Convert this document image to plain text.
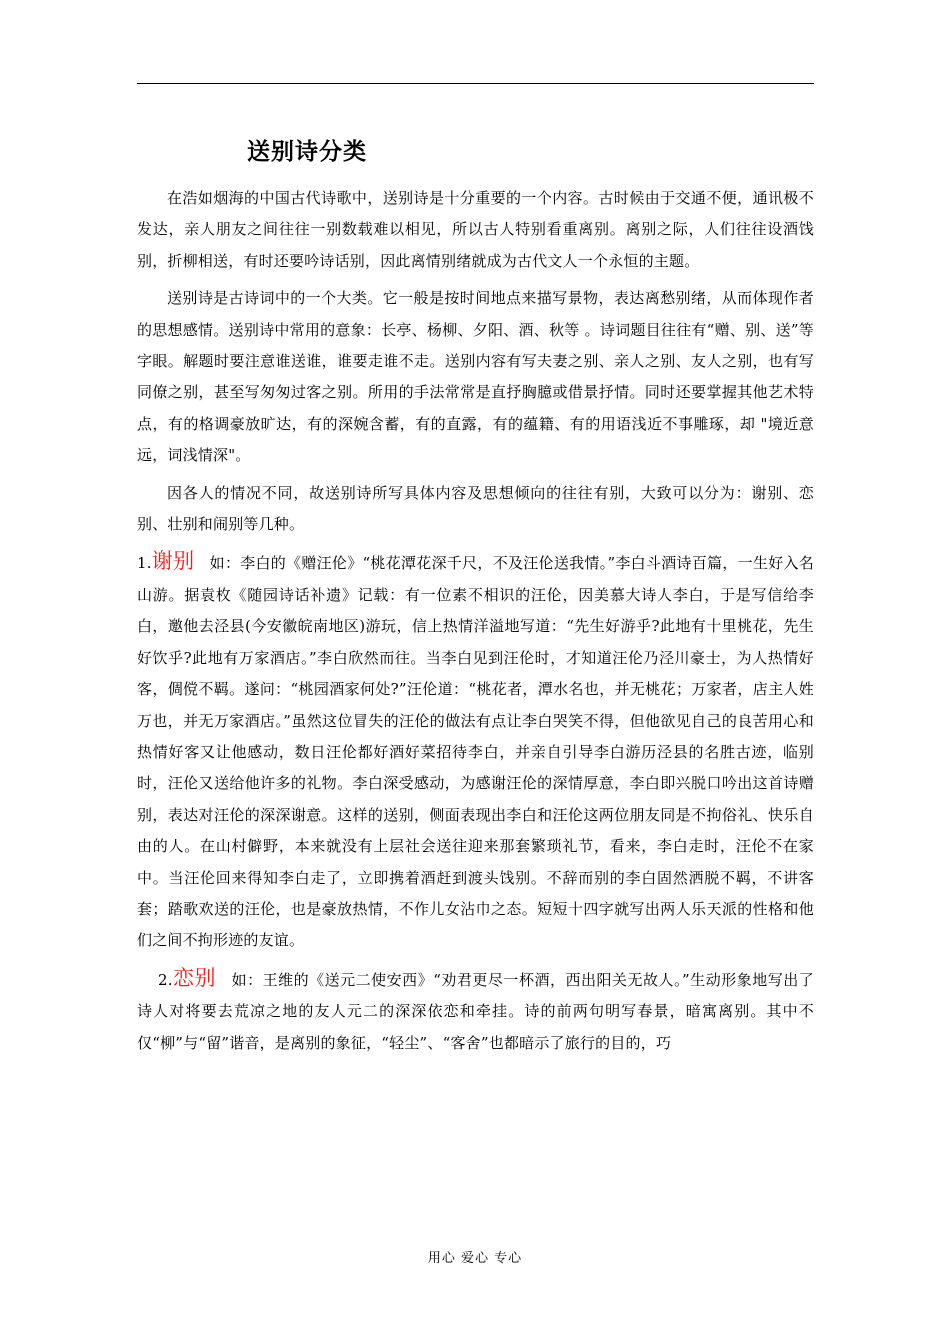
送别诗分类

在浩如烟海的中国古代诗歌中，送别诗是十分重要的一个内容。古时候由于交通不便，通讯极不发达，亲人朋友之间往往一别数载难以相见，所以古人特别看重离别。离别之际，人们往往设酒饯别，折柳相送，有时还要吟诗话别，因此离情别绪就成为古代文人一个永恒的主题。

送别诗是古诗词中的一个大类。它一般是按时间地点来描写景物，表达离愁别绪，从而体现作者的思想感情。送别诗中常用的意象：长亭、杨柳、夕阳、酒、秋等 。诗词题目往往有“赠、别、送”等字眼。解题时要注意谁送谁，谁要走谁不走。送别内容有写夫妻之别、亲人之别、友人之别，也有写同僚之别，甚至写匆匆过客之别。所用的手法常常是直抒胸臆或借景抒情。同时还要掌握其他艺术特点，有的格调豪放旷达，有的深婉含蓄，有的直露，有的蕴籍、有的用语浅近不事雕琢，却 "境近意远，词浅情深"。

因各人的情况不同，故送别诗所写具体内容及思想倾向的往往有别，大致可以分为：谢别、恋别、壮别和闹别等几种。

1.谢别　如：李白的《赠汪伦》“桃花潭花深千尺，不及汪伦送我情。”李白斗酒诗百篇，一生好入名山游。据袁枚《随园诗话补遗》记载：有一位素不相识的汪伦，因美慕大诗人李白，于是写信给李白，邀他去泾县(今安徽皖南地区)游玩，信上热情洋溢地写道：“先生好游乎?此地有十里桃花，先生好饮乎?此地有万家酒店。”李白欣然而往。当李白见到汪伦时，才知道汪伦乃泾川豪士，为人热情好客，倜傥不羁。遂问：“桃园酒家何处?”汪伦道：“桃花者，潭水名也，并无桃花；万家者，店主人姓万也，并无万家酒店。”虽然这位冒失的汪伦的做法有点让李白哭笑不得，但他欲见自己的良苦用心和热情好客又让他感动，数日汪伦都好酒好菜招待李白，并亲自引导李白游历泾县的名胜古迹，临别时，汪伦又送给他许多的礼物。李白深受感动，为感谢汪伦的深情厚意，李白即兴脱口吟出这首诗赠别，表达对汪伦的深深谢意。这样的送别，侧面表现出李白和汪伦这两位朋友同是不拘俗礼、快乐自由的人。在山村僻野，本来就没有上层社会送往迎来那套繁琐礼节，看来，李白走时，汪伦不在家中。当汪伦回来得知李白走了，立即携着酒赶到渡头饯别。不辞而别的李白固然洒脱不羁，不讲客套；踏歌欢送的汪伦，也是豪放热情，不作儿女沾巾之态。短短十四字就写出两人乐天派的性格和他们之间不拘形迹的友谊。

2.恋别　如：王维的《送元二使安西》“劝君更尽一杯酒，西出阳关无故人。”生动形象地写出了诗人对将要去荒凉之地的友人元二的深深依恋和牵挂。诗的前两句明写春景，暗寓离别。其中不仅“柳”与“留”谐音，是离别的象征，“轻尘”、“客舍”也都暗示了旅行的目的，巧

用心 爱心 专心
